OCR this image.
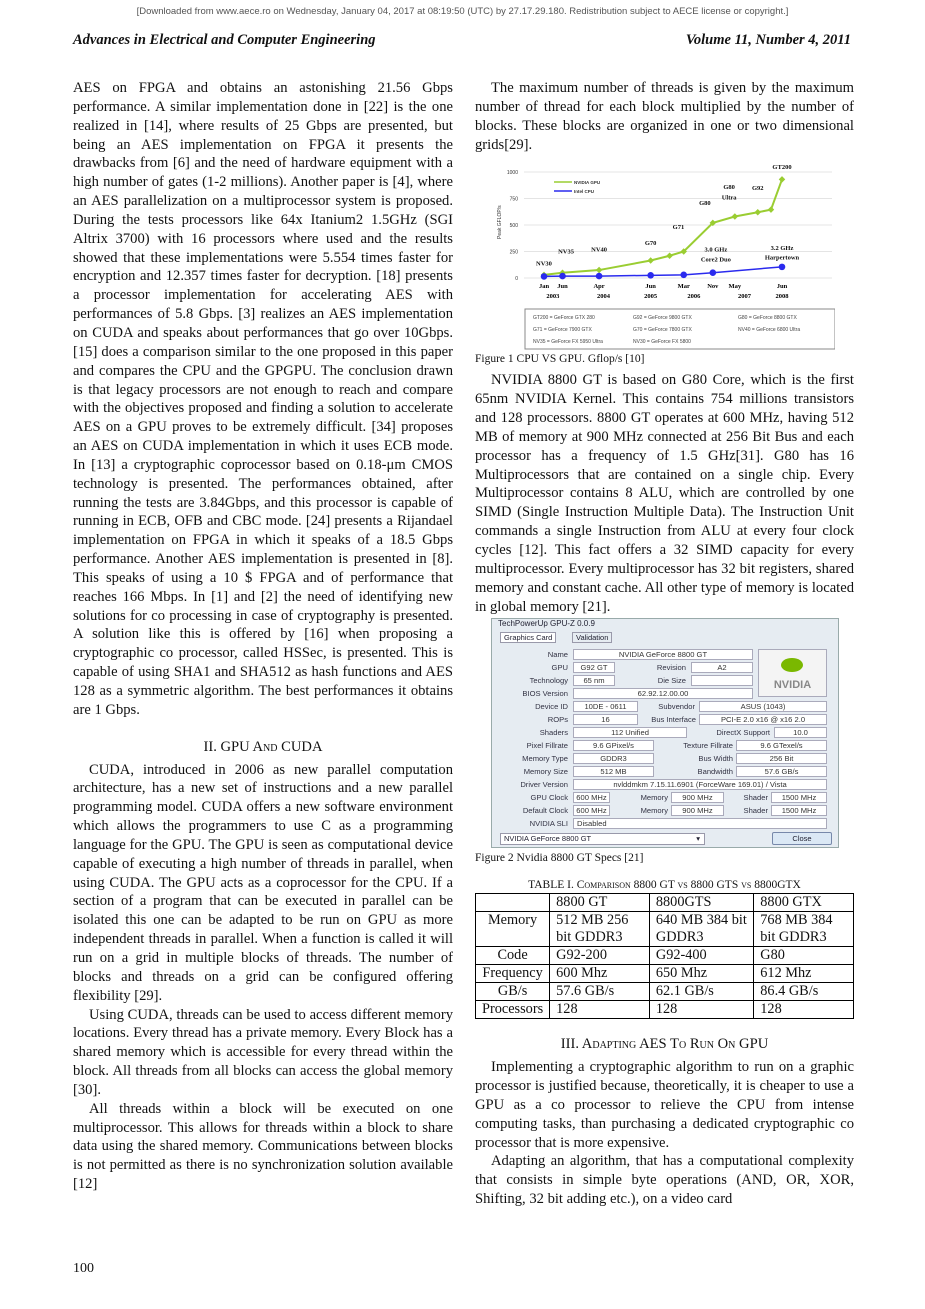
[Downloaded from www.aece.ro on Wednesday, January 04, 2017 at 08:19:50 (UTC) by 27.17.29.180. Redistribution subject to AECE license or copyright.]
Advances in Electrical and Computer Engineering	Volume 11, Number 4, 2011

AES on FPGA and obtains an astonishing 21.56 Gbps performance. A similar implementation done in [22] is the one realized in [14], where results of 25 Gbps are presented, but being an AES implementation on FPGA it presents the drawbacks from [6] and the need of hardware equipment with a high number of gates (1-2 millions). Another paper is [4], where an AES parallelization on a multiprocessor system is proposed. During the tests processors like 64x Itanium2 1.5GHz (SGI Altrix 3700) with 16 processors where used and the results showed that these implementations were 5.554 times faster for encryption and 12.357 times faster for decryption. [18] presents a processor implementation for accelerating AES with performances of 5.8 Gbps. [3] realizes an AES implementation on CUDA and speaks about performances that go over 10Gbps. [15] does a comparison similar to the one proposed in this paper and compares the CPU and the GPGPU. The conclusion drawn is that legacy processors are not enough to reach and compare with the objectives proposed and finding a solution to accelerate AES on a GPU proves to be extremely difficult. [34] proposes an AES on CUDA implementation in which it uses ECB mode. In [13] a cryptographic coprocessor based on 0.18-μm CMOS technology is presented. The performances obtained, after running the tests are 3.84Gbps, and this processor is capable of running in ECB, OFB and CBC mode. [24] presents a Rijandael implementation on FPGA in which it speaks of a 18.5 Gbps performance. Another AES implementation is presented in [8]. This speaks of using a 10 $ FPGA and of performance that reaches 166 Mbps. In [1] and [2] the need of identifying new solutions for co processing in case of cryptography is presented. A solution like this is offered by [16] when proposing a cryptographic co processor, called HSSec, is presented. This is capable of using SHA1 and SHA512 as hash functions and AES 128 as a symmetric algorithm. The best performances it obtains are 1 Gbps.

II. GPU And CUDA

CUDA, introduced in 2006 as new parallel computation architecture, has a new set of instructions and a new parallel programming model. CUDA offers a new software environment which allows the programmers to use C as a programming language for the GPU. The GPU is seen as computational device capable of executing a high number of threads in parallel, when using CUDA. The GPU acts as a coprocessor for the CPU. If a section of a program that can be executed in parallel can be isolated this one can be adapted to be run on GPU as more independent threads in parallel. When a function is called it will run on a grid in multiple blocks of threads. The number of blocks and threads on a grid can be configured offering flexibility [29].

Using CUDA, threads can be used to access different memory locations. Every thread has a private memory. Every Block has a shared memory which is accessible for every thread within the block. All threads from all blocks can access the global memory [30].

All threads within a block will be executed on one multiprocessor. This allows for threads within a block to share data using the shared memory. Communications between blocks is not permitted as there is no synchronization solution available [12]

100

The maximum number of threads is given by the maximum number of thread for each block multiplied by the number of blocks. These blocks are organized in one or two dimensional grids[29].

0
250
500
750
1000
Peak GFLOP/s
NVIDIA GPU
Intel CPU
NV30
NV35	NV40
G70
G71
G80
G80
Ultra
G92
GT200
3.0 GHz
Core2 Duo
3.2 GHz
Harpertown
Jan Jun	Apr	Jun	Mar	Nov May	Jun
2003	2004	2005	2006	2007	2008
GT200 = GeForce GTX 280	G92 = GeForce 9800 GTX	G80 = GeForce 8800 GTX
G71 = GeForce 7900 GTX	G70 = GeForce 7800 GTX	NV40 = GeForce 6800 Ultra
NV35 = GeForce FX 5950 Ultra	NV30 = GeForce FX 5800
Figure 1 CPU VS GPU. Gflop/s [10]

NVIDIA 8800 GT is based on G80 Core, which is the first 65nm NVIDIA Kernel. This contains 754 millions transistors and 128 processors. 8800 GT operates at 600 MHz, having 512 MB of memory at 900 MHz connected at 256 Bit Bus and each processor has a frequency of 1.5 GHz[31]. G80 has 16 Multiprocessors that are contained on a single chip. Every Multiprocessor contains 8 ALU, which are controlled by one SIMD (Single Instruction Multiple Data). The Instruction Unit commands a single Instruction from ALU at every four clock cycles [12]. This fact offers a 32 SIMD capacity for every multiprocessor. Every multiprocessor has 32 bit registers, shared memory and constant cache. All other type of memory is located in global memory [21].

TechPowerUp GPU-Z 0.0.9
Graphics Card	Validation
NVIDIA
Name	NVIDIA GeForce 8800 GT
GPU	G92 GT	Revision	A2
Technology	65 nm	Die Size
BIOS Version	62.92.12.00.00
Device ID	10DE - 0611	Subvendor	ASUS (1043)
ROPs	16	Bus Interface	PCI-E 2.0 x16 @ x16 2.0
Shaders	112 Unified	DirectX Support	10.0
Pixel Fillrate	9.6 GPixel/s	Texture Fillrate	9.6 GTexel/s
Memory Type	GDDR3	Bus Width	256 Bit
Memory Size	512 MB	Bandwidth	57.6 GB/s
Driver Version	nvlddmkm 7.15.11.6901 (ForceWare 169.01) / Vista
GPU Clock	600 MHz	Memory	900 MHz	Shader	1500 MHz
Default Clock	600 MHz	Memory	900 MHz	Shader	1500 MHz
NVIDIA SLI	Disabled
NVIDIA GeForce 8800 GT	▾	Close
Figure 2 Nvidia 8800 GT Specs [21]
TABLE I. Comparison 8800 GT vs 8800 GTS vs 8800GTX
	8800 GT	8800GTS	8800 GTX
Memory	512 MB 256 bit GDDR3	640 MB 384 bit GDDR3	768 MB 384 bit GDDR3
Code	G92-200	G92-400	G80
Frequency	600 Mhz	650 Mhz	612 Mhz
GB/s	57.6 GB/s	62.1 GB/s	86.4 GB/s
Processors	128	128	128

III. Adapting AES To Run On GPU

Implementing a cryptographic algorithm to run on a graphic processor is justified because, theoretically, it is cheaper to use a GPU as a co processor to relieve the CPU from intense computing tasks, than purchasing a dedicated cryptographic co processor that is more expensive.

Adapting an algorithm, that has a computational complexity that consists in simple byte operations (AND, OR, XOR, Shifting, 32 bit adding etc.), on a video card
